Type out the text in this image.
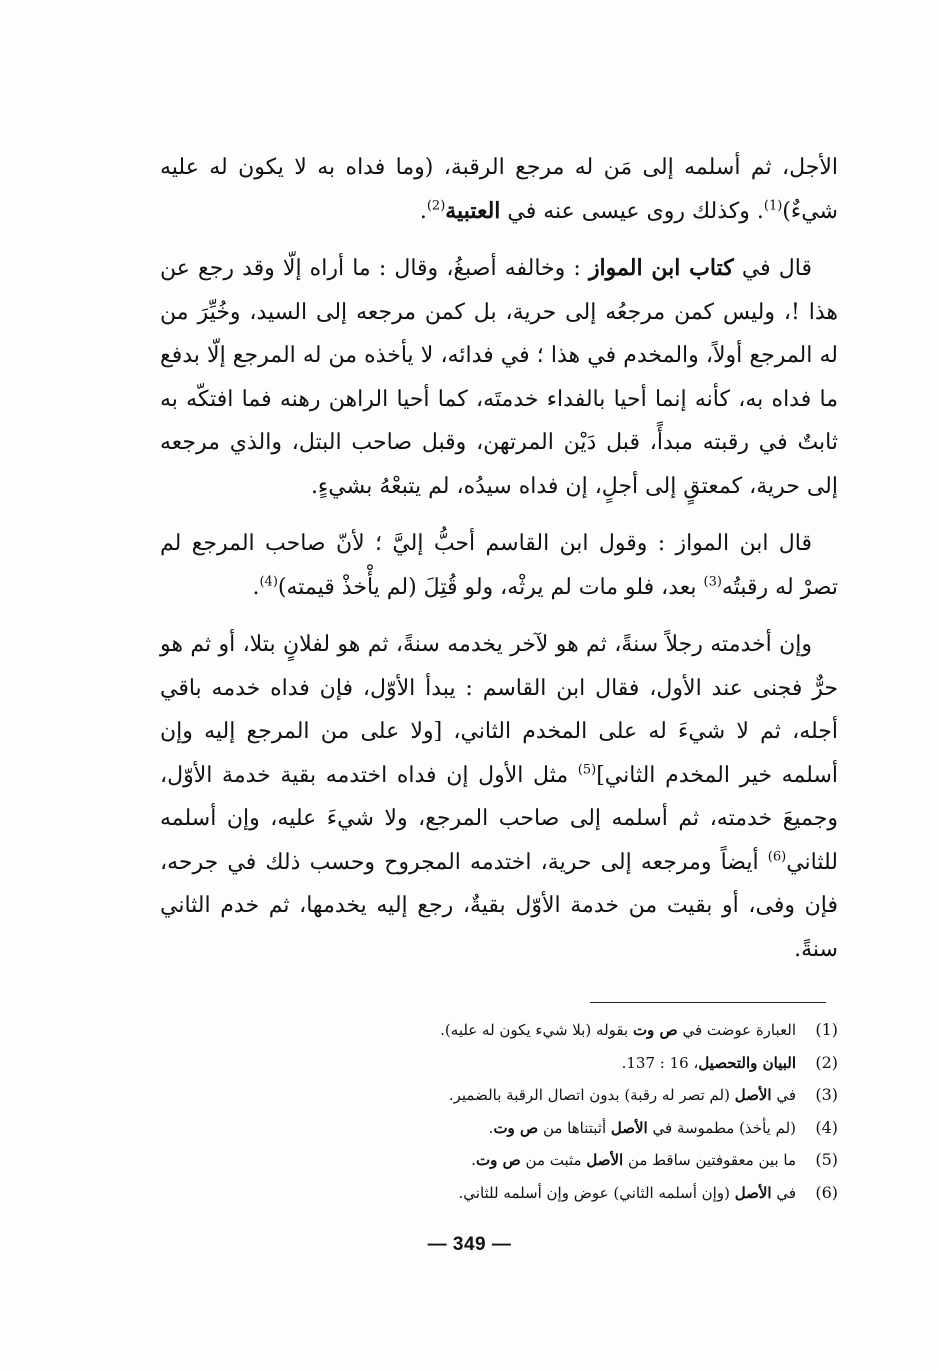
الأجل، ثم أسلمه إلى مَن له مرجع الرقبة، (وما فداه به لا يكون له عليه شيءٌ)$^{(1)}$. وكذلك روى عيسى عنه في العتبية$^{(2)}$.

قال في كتاب ابن المواز : وخالفه أصبغُ، وقال : ما أراه إلّا وقد رجع عن هذا !، وليس كمن مرجعُه إلى حرية، بل كمن مرجعه إلى السيد، وخُيِّرَ من له المرجع أولاً، والمخدم في هذا ؛ في فدائه، لا يأخذه من له المرجع إلّا بدفع ما فداه به، كأنه إنما أحيا بالفداء خدمتَه، كما أحيا الراهن رهنه فما افتكّه به ثابتٌ في رقبته مبدأً، قبل دَيْن المرتهن، وقبل صاحب البتل، والذي مرجعه إلى حرية، كمعتقٍ إلى أجلٍ، إن فداه سيدُه، لم يتبعْهُ بشيءٍ.

قال ابن المواز : وقول ابن القاسم أحبُّ إليَّ ؛ لأنّ صاحب المرجع لم تصرْ له رقبتُه$^{(3)}$ بعد، فلو مات لم يرثْه، ولو قُتِلَ (لم يأْخذْ قيمته)$^{(4)}$.

وإن أخدمته رجلاً سنةً، ثم هو لآخر يخدمه سنةً، ثم هو لفلانٍ بتلا، أو ثم هو حرٌّ فجنى عند الأول، فقال ابن القاسم : يبدأ الأوّل، فإن فداه خدمه باقي أجله، ثم لا شيءَ له على المخدم الثاني، [ولا على من المرجع إليه وإن أسلمه خير المخدم الثاني]$^{(5)}$ مثل الأول إن فداه اختدمه بقية خدمة الأوّل، وجميعَ خدمته، ثم أسلمه إلى صاحب المرجع، ولا شيءَ عليه، وإن أسلمه للثاني$^{(6)}$ أيضاً ومرجعه إلى حرية، اختدمه المجروح وحسب ذلك في جرحه، فإن وفى، أو بقيت من خدمة الأوّل بقيةٌ، رجع إليه يخدمها، ثم خدم الثاني سنةً.

(1)
العبارة عوضت في ص وت بقوله (بلا شيء يكون له عليه).
(2)
البيان والتحصيل، 16 : 137.
(3)
في الأصل (لم تصر له رقبة) بدون اتصال الرقبة بالضمير.
(4)
(لم يأخذ) مطموسة في الأصل أثبتناها من ص وت.
(5)
ما بين معقوفتين ساقط من الأصل مثبت من ص وت.
(6)
في الأصل (وإن أسلمه الثاني) عوض وإن أسلمه للثاني.
— 349 —
